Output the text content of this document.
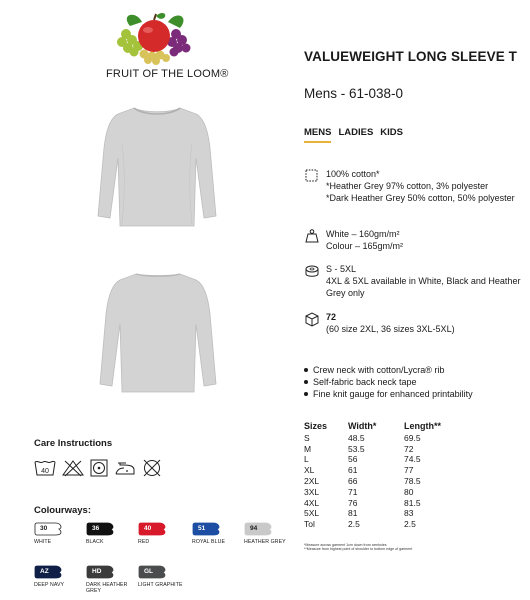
FRUIT OF THE LOOM®
VALUEWEIGHT LONG SLEEVE T
Mens - 61-038-0
MENS LADIES KIDS
100% cotton*
*Heather Grey 97% cotton, 3% polyester
*Dark Heather Grey 50% cotton, 50% polyester
White – 160gm/m²
Colour – 165gm/m²
S - 5XL
4XL & 5XL available in White, Black and Heather Grey only
72
(60 size 2XL, 36 sizes 3XL-5XL)
Crew neck with cotton/Lycra® rib
Self-fabric back neck tape
Fine knit gauge for enhanced printability
Sizes	Width*	Length**
S	48.5	69.5
M	53.5	72
L	56	74.5
XL	61	77
2XL	66	78.5
3XL	71	80
4XL	76	81.5
5XL	81	83
Tol	2.5	2.5
*Measure across garment 1cm down from armholes
**Measure from highest point of shoulder to bottom edge of garment
Care Instructions
40
Colourways:
30
WHITE
36
BLACK
40
RED
51
ROYAL BLUE
94
HEATHER GREY
AZ
DEEP NAVY
HD
DARK HEATHER GREY
GL
LIGHT GRAPHITE
